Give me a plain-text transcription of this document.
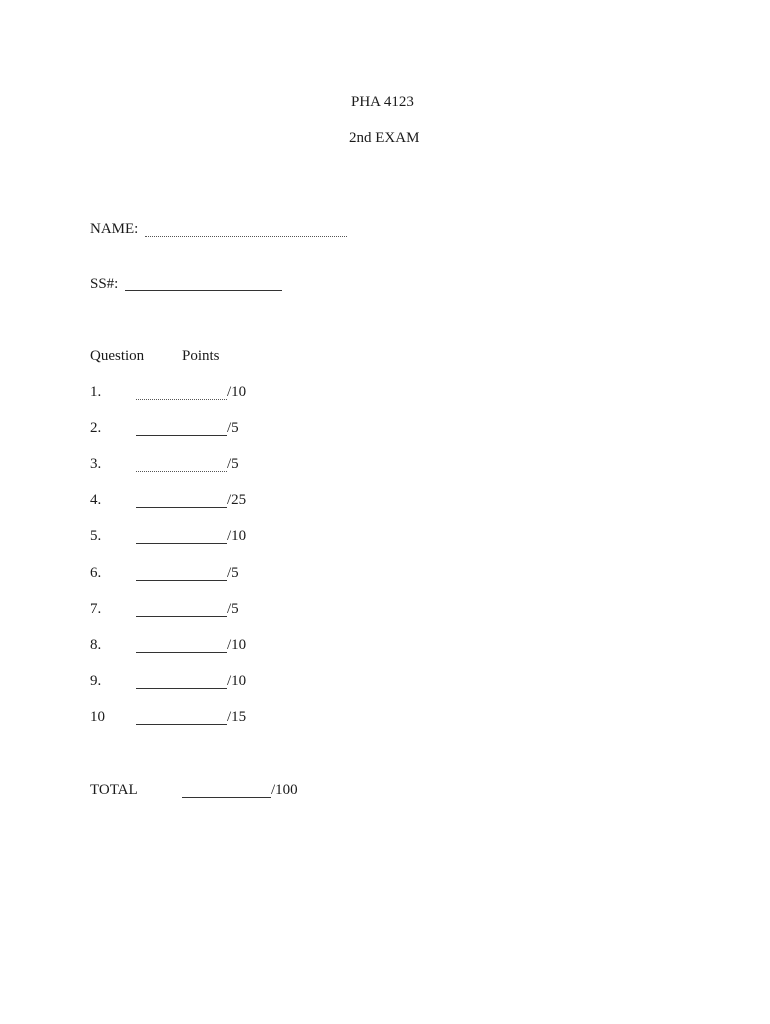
PHA 4123
2nd EXAM
NAME:
SS#:
Question	Points
1.	/10
2.	/5
3.	/5
4.	/25
5.	/10
6.	/5
7.	/5
8.	/10
9.	/10
10	/15
TOTAL	/100
